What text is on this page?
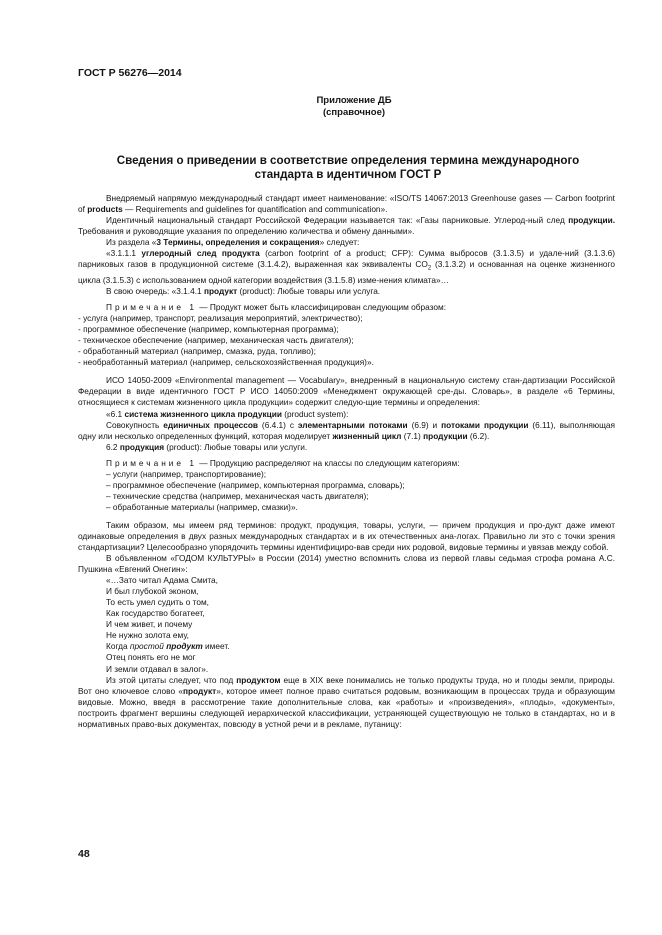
ГОСТ Р 56276—2014
Приложение ДБ
(справочное)
Сведения о приведении в соответствие определения термина международного
стандарта в идентичном ГОСТ Р

Внедряемый напрямую международный стандарт имеет наименование: «ISO/TS 14067:2013 Greenhouse gases — Carbon footprint of products — Requirements and guidelines for quantification and communication».

Идентичный национальный стандарт Российской Федерации называется так: «Газы парниковые. Углерод-ный след продукции. Требования и руководящие указания по определению количества и обмену данными».

Из раздела «3 Термины, определения и сокращения» следует:

«3.1.1.1 углеродный след продукта (carbon footprint of a product; CFP): Сумма выбросов (3.1.3.5) и удале-ний (3.1.3.6) парниковых газов в продукционной системе (3.1.4.2), выраженная как эквиваленты $CO_2$ (3.1.3.2) и основанная на оценке жизненного цикла (3.1.5.3) с использованием одной категории воздействия (3.1.5.8) изме-нения климата»…

В свою очередь: «3.1.4.1 продукт (product): Любые товары или услуга.

Примечание 1 — Продукт может быть классифицирован следующим образом:

- услуга (например, транспорт, реализация мероприятий, электричество);

- программное обеспечение (например, компьютерная программа);

- техническое обеспечение (например, механическая часть двигателя);

- обработанный материал (например, смазка, руда, топливо);

- необработанный материал (например, сельскохозяйственная продукция)».

ИСО 14050-2009 «Environmental management — Vocabulary», внедренный в национальную систему стан-дартизации Российской Федерации в виде идентичного ГОСТ Р ИСО 14050:2009 «Менеджмент окружающей сре-ды. Словарь», в разделе «6 Термины, относящиеся к системам жизненного цикла продукции» содержит следую-щие термины и определения:

«6.1 система жизненного цикла продукции (product system):

Совокупность единичных процессов (6.4.1) с элементарными потоками (6.9) и потоками продукции (6.11), выполняющая одну или несколько определенных функций, которая моделирует жизненный цикл (7.1) продукции (6.2).

6.2 продукция (product): Любые товары или услуги.

Примечание 1 — Продукцию распределяют на классы по следующим категориям:

– услуги (например, транспортирование);

– программное обеспечение (например, компьютерная программа, словарь);

– технические средства (например, механическая часть двигателя);

– обработанные материалы (например, смазки)».

Таким образом, мы имеем ряд терминов: продукт, продукция, товары, услуги, — причем продукция и про-дукт даже имеют одинаковые определения в двух разных международных стандартах и в их отечественных ана-логах. Правильно ли это с точки зрения стандартизации? Целесообразно упорядочить термины идентифициро-вав среди них родовой, видовые термины и увязав между собой.

В объявленном «ГОДОМ КУЛЬТУРЫ» в России (2014) уместно вспомнить слова из первой главы седьмая строфа романа А.С. Пушкина «Евгений Онегин»:

«…Зато читал Адама Смита,

И был глубокой эконом,

То есть умел судить о том,

Как государство богатеет,

И чем живет, и почему

Не нужно золота ему,

Когда простой продукт имеет.

Отец понять его не мог

И земли отдавал в залог».

Из этой цитаты следует, что под продуктом еще в XIX веке понимались не только продукты труда, но и плоды земли, природы. Вот оно ключевое слово «продукт», которое имеет полное право считаться родовым, возникающим в процессах труда и образующим видовые. Можно, введя в рассмотрение такие дополнительные слова, как «работы» и «произведения», «плоды», «документы», построить фрагмент вершины следующей иерархической классификации, устраняющей существующую не только в стандартах, но и в нормативных право-вых документах, повсюду в устной речи и в рекламе, путаницу:

48
